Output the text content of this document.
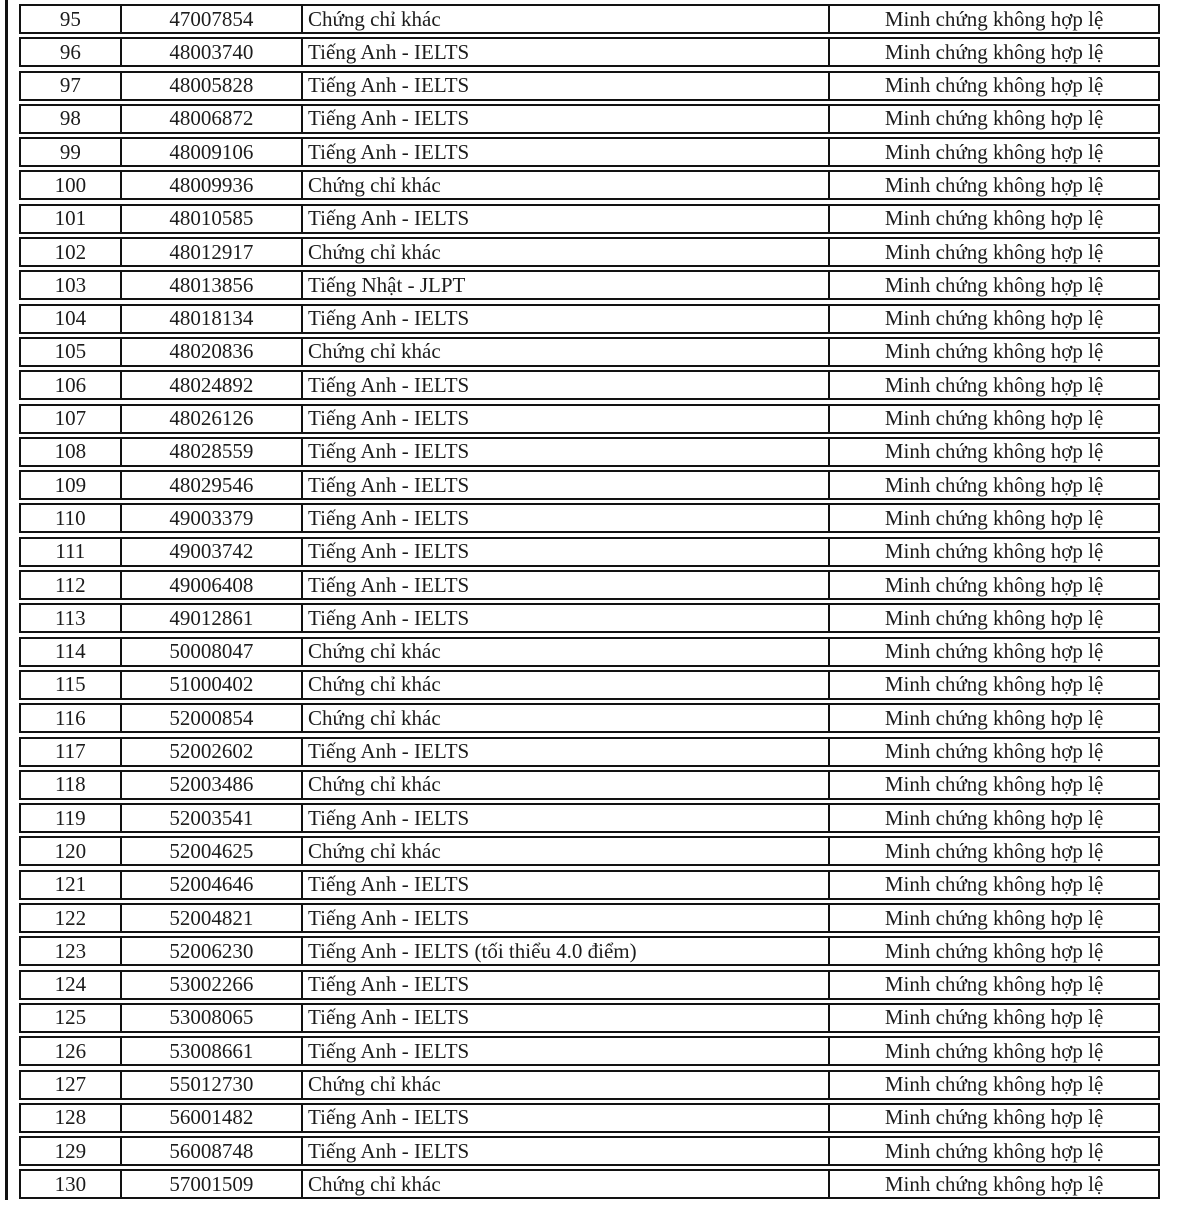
95	47007854	Chứng chỉ khác	Minh chứng không hợp lệ
96	48003740	Tiếng Anh - IELTS	Minh chứng không hợp lệ
97	48005828	Tiếng Anh - IELTS	Minh chứng không hợp lệ
98	48006872	Tiếng Anh - IELTS	Minh chứng không hợp lệ
99	48009106	Tiếng Anh - IELTS	Minh chứng không hợp lệ
100	48009936	Chứng chỉ khác	Minh chứng không hợp lệ
101	48010585	Tiếng Anh - IELTS	Minh chứng không hợp lệ
102	48012917	Chứng chỉ khác	Minh chứng không hợp lệ
103	48013856	Tiếng Nhật - JLPT	Minh chứng không hợp lệ
104	48018134	Tiếng Anh - IELTS	Minh chứng không hợp lệ
105	48020836	Chứng chỉ khác	Minh chứng không hợp lệ
106	48024892	Tiếng Anh - IELTS	Minh chứng không hợp lệ
107	48026126	Tiếng Anh - IELTS	Minh chứng không hợp lệ
108	48028559	Tiếng Anh - IELTS	Minh chứng không hợp lệ
109	48029546	Tiếng Anh - IELTS	Minh chứng không hợp lệ
110	49003379	Tiếng Anh - IELTS	Minh chứng không hợp lệ
111	49003742	Tiếng Anh - IELTS	Minh chứng không hợp lệ
112	49006408	Tiếng Anh - IELTS	Minh chứng không hợp lệ
113	49012861	Tiếng Anh - IELTS	Minh chứng không hợp lệ
114	50008047	Chứng chỉ khác	Minh chứng không hợp lệ
115	51000402	Chứng chỉ khác	Minh chứng không hợp lệ
116	52000854	Chứng chỉ khác	Minh chứng không hợp lệ
117	52002602	Tiếng Anh - IELTS	Minh chứng không hợp lệ
118	52003486	Chứng chỉ khác	Minh chứng không hợp lệ
119	52003541	Tiếng Anh - IELTS	Minh chứng không hợp lệ
120	52004625	Chứng chỉ khác	Minh chứng không hợp lệ
121	52004646	Tiếng Anh - IELTS	Minh chứng không hợp lệ
122	52004821	Tiếng Anh - IELTS	Minh chứng không hợp lệ
123	52006230	Tiếng Anh - IELTS (tối thiểu 4.0 điểm)	Minh chứng không hợp lệ
124	53002266	Tiếng Anh - IELTS	Minh chứng không hợp lệ
125	53008065	Tiếng Anh - IELTS	Minh chứng không hợp lệ
126	53008661	Tiếng Anh - IELTS	Minh chứng không hợp lệ
127	55012730	Chứng chỉ khác	Minh chứng không hợp lệ
128	56001482	Tiếng Anh - IELTS	Minh chứng không hợp lệ
129	56008748	Tiếng Anh - IELTS	Minh chứng không hợp lệ
130	57001509	Chứng chỉ khác	Minh chứng không hợp lệ
